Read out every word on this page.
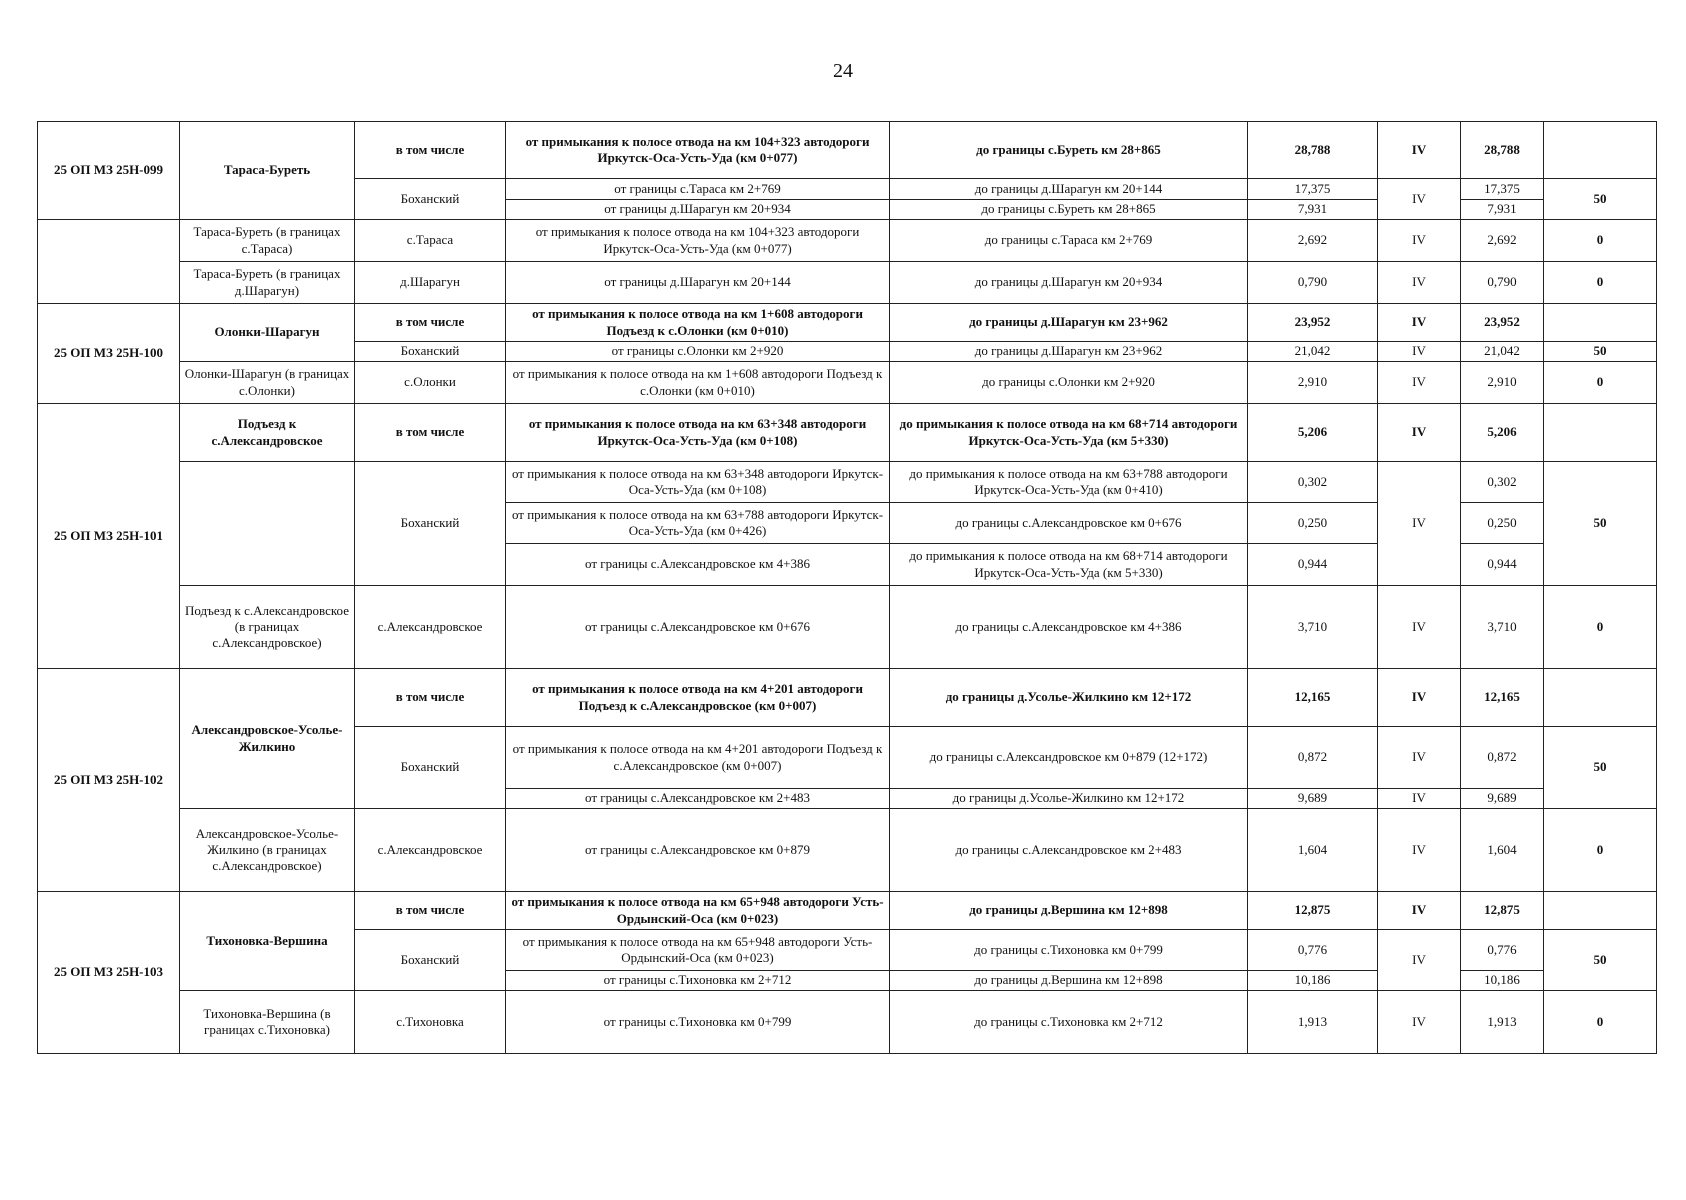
24
25 ОП МЗ 25Н-099	Тараса-Буреть	в том числе	от примыкания к полосе отвода на км 104+323 автодороги Иркутск-Оса-Усть-Уда (км 0+077)	до границы с.Буреть км 28+865	28,788	IV	28,788	
		Боханский	от границы с.Тараса км 2+769	до границы д.Шарагун км 20+144	17,375	IV	17,375	50
			от границы д.Шарагун км 20+934	до границы с.Буреть км 28+865	7,931		7,931	
	Тараса-Буреть (в границах с.Тараса)	с.Тараса	от примыкания к полосе отвода на км 104+323 автодороги Иркутск-Оса-Усть-Уда (км 0+077)	до границы с.Тараса км 2+769	2,692	IV	2,692	0
	Тараса-Буреть (в границах д.Шарагун)	д.Шарагун	от границы д.Шарагун км 20+144	до границы д.Шарагун км 20+934	0,790	IV	0,790	0
25 ОП МЗ 25Н-100	Олонки-Шарагун	в том числе	от примыкания к полосе отвода на км 1+608 автодороги Подъезд к с.Олонки (км 0+010)	до границы д.Шарагун км 23+962	23,952	IV	23,952	
		Боханский	от границы с.Олонки км 2+920	до границы д.Шарагун км 23+962	21,042	IV	21,042	50
	Олонки-Шарагун (в границах с.Олонки)	с.Олонки	от примыкания к полосе отвода на км 1+608 автодороги Подъезд к с.Олонки (км 0+010)	до границы с.Олонки км 2+920	2,910	IV	2,910	0
25 ОП МЗ 25Н-101	Подъезд к с.Александровское	в том числе	от примыкания к полосе отвода на км 63+348 автодороги Иркутск-Оса-Усть-Уда (км 0+108)	до примыкания к полосе отвода на км 68+714 автодороги Иркутск-Оса-Усть-Уда (км 5+330)	5,206	IV	5,206	
		Боханский	от примыкания к полосе отвода на км 63+348 автодороги Иркутск-Оса-Усть-Уда (км 0+108)	до примыкания к полосе отвода на км 63+788 автодороги Иркутск-Оса-Усть-Уда (км 0+410)	0,302	IV	0,302	50
			от примыкания к полосе отвода на км 63+788 автодороги Иркутск-Оса-Усть-Уда (км 0+426)	до границы с.Александровское км 0+676	0,250		0,250	
			от границы с.Александровское км 4+386	до примыкания к полосе отвода на км 68+714 автодороги Иркутск-Оса-Усть-Уда (км 5+330)	0,944		0,944	
	Подъезд к с.Александровское (в границах с.Александровское)	с.Александровское	от границы с.Александровское км 0+676	до границы с.Александровское км 4+386	3,710	IV	3,710	0
25 ОП МЗ 25Н-102	Александровское-Усолье-Жилкино	в том числе	от примыкания к полосе отвода на км 4+201 автодороги Подъезд к с.Александровское (км 0+007)	до границы д.Усолье-Жилкино км 12+172	12,165	IV	12,165	
		Боханский	от примыкания к полосе отвода на км 4+201 автодороги Подъезд к с.Александровское (км 0+007)	до границы с.Александровское км 0+879 (12+172)	0,872	IV	0,872	50
			от границы с.Александровское км 2+483	до границы д.Усолье-Жилкино км 12+172	9,689	IV	9,689	
	Александровское-Усолье-Жилкино (в границах с.Александровское)	с.Александровское	от границы с.Александровское км 0+879	до границы с.Александровское км 2+483	1,604	IV	1,604	0
25 ОП МЗ 25Н-103	Тихоновка-Вершина	в том числе	от примыкания к полосе отвода на км 65+948 автодороги Усть-Ордынский-Оса (км 0+023)	до границы д.Вершина км 12+898	12,875	IV	12,875	
		Боханский	от примыкания к полосе отвода на км 65+948 автодороги Усть-Ордынский-Оса (км 0+023)	до границы с.Тихоновка км 0+799	0,776	IV	0,776	50
			от границы с.Тихоновка км 2+712	до границы д.Вершина км 12+898	10,186		10,186	
	Тихоновка-Вершина (в границах с.Тихоновка)	с.Тихоновка	от границы с.Тихоновка км 0+799	до границы с.Тихоновка км 2+712	1,913	IV	1,913	0
